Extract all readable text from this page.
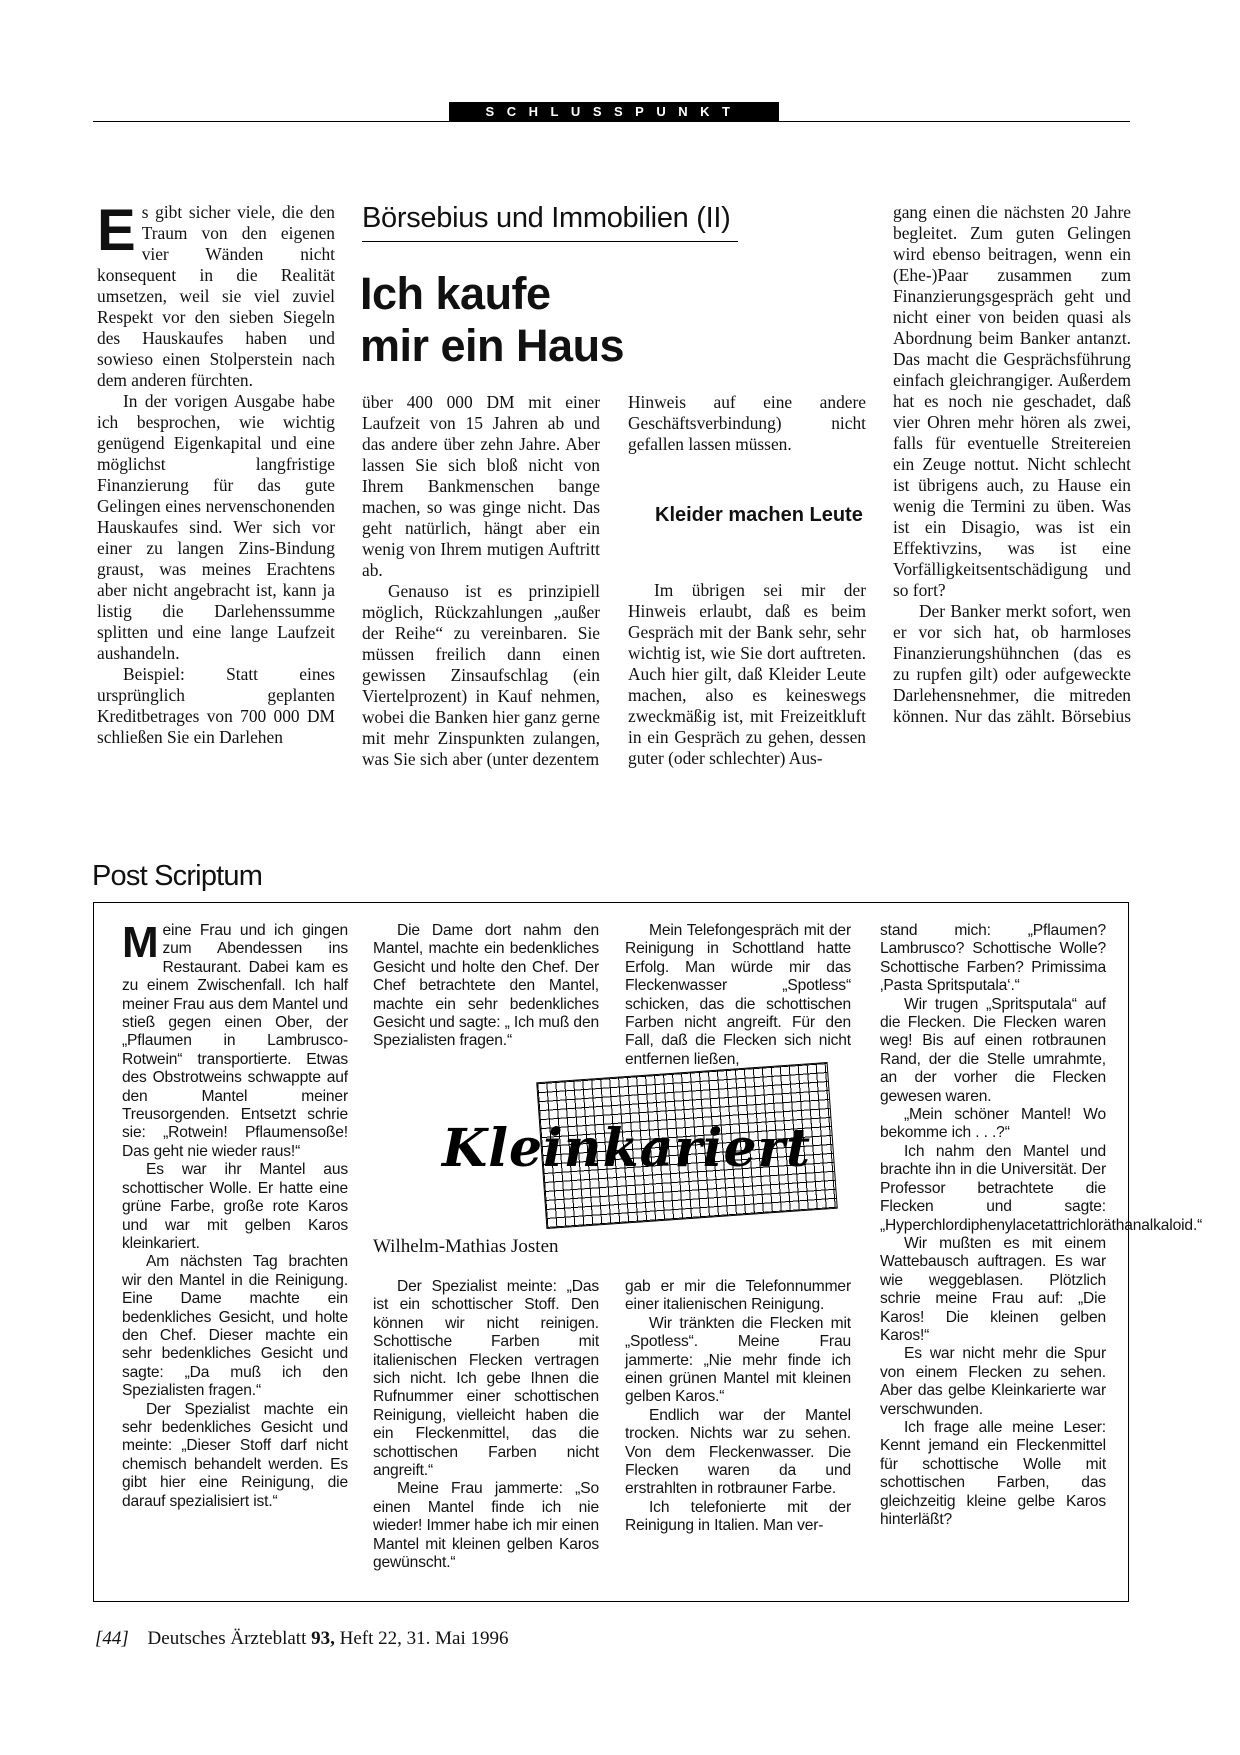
SCHLUSSPUNKT

Es gibt sicher viele, die den Traum von den eigenen vier Wänden nicht konsequent in die Realität umsetzen, weil sie viel zuviel Respekt vor den sieben Siegeln des Hauskaufes haben und sowieso einen Stolperstein nach dem anderen fürchten.

In der vorigen Ausgabe habe ich besprochen, wie wichtig genügend Eigenkapital und eine möglichst langfristige Finanzierung für das gute Gelingen eines nervenschonenden Hauskaufes sind. Wer sich vor einer zu langen Zins-Bindung graust, was meines Erachtens aber nicht angebracht ist, kann ja listig die Darlehenssumme splitten und eine lange Laufzeit aushandeln.

Beispiel: Statt eines ursprünglich geplanten Kreditbetrages von 700 000 DM schließen Sie ein Darlehen

Börsebius und Immobilien (II)
Ich kaufe
mir ein Haus

über 400 000 DM mit einer Laufzeit von 15 Jahren ab und das andere über zehn Jahre. Aber lassen Sie sich bloß nicht von Ihrem Bankmenschen bange machen, so was ginge nicht. Das geht natürlich, hängt aber ein wenig von Ihrem mutigen Auftritt ab.

Genauso ist es prinzipiell möglich, Rückzahlungen „außer der Reihe“ zu vereinbaren. Sie müssen freilich dann einen gewissen Zinsaufschlag (ein Viertelprozent) in Kauf nehmen, wobei die Banken hier ganz gerne mit mehr Zinspunkten zulangen, was Sie sich aber (unter dezentem

Hinweis auf eine andere Geschäftsverbindung) nicht gefallen lassen müssen.

Kleider machen Leute

Im übrigen sei mir der Hinweis erlaubt, daß es beim Gespräch mit der Bank sehr, sehr wichtig ist, wie Sie dort auftreten. Auch hier gilt, daß Kleider Leute machen, also es keineswegs zweckmäßig ist, mit Freizeitkluft in ein Gespräch zu gehen, dessen guter (oder schlechter) Aus-

gang einen die nächsten 20 Jahre begleitet. Zum guten Gelingen wird ebenso beitragen, wenn ein (Ehe-)Paar zusammen zum Finanzierungsgespräch geht und nicht einer von beiden quasi als Abordnung beim Banker antanzt. Das macht die Gesprächsführung einfach gleichrangiger. Außerdem hat es noch nie geschadet, daß vier Ohren mehr hören als zwei, falls für eventuelle Streitereien ein Zeuge nottut. Nicht schlecht ist übrigens auch, zu Hause ein wenig die Termini zu üben. Was ist ein Disagio, was ist ein Effektivzins, was ist eine Vorfälligkeitsentschädigung und so fort?

Der Banker merkt sofort, wen er vor sich hat, ob harmloses Finanzierungshühnchen (das es zu rupfen gilt) oder aufgeweckte Darlehensnehmer, die mitreden können. Nur das zählt. Börsebius

Post Scriptum

Meine Frau und ich gingen zum Abendessen ins Restaurant. Dabei kam es zu einem Zwischenfall. Ich half meiner Frau aus dem Mantel und stieß gegen einen Ober, der „Pflaumen in Lambrusco-Rotwein“ transportierte. Etwas des Obstrotweins schwappte auf den Mantel meiner Treusorgenden. Entsetzt schrie sie: „Rotwein! Pflaumensoße! Das geht nie wieder raus!“

Es war ihr Mantel aus schottischer Wolle. Er hatte eine grüne Farbe, große rote Karos und war mit gelben Karos kleinkariert.

Am nächsten Tag brachten wir den Mantel in die Reinigung. Eine Dame machte ein bedenkliches Gesicht, und holte den Chef. Dieser machte ein sehr bedenkliches Gesicht und sagte: „Da muß ich den Spezialisten fragen.“

Der Spezialist machte ein sehr bedenkliches Gesicht und meinte: „Dieser Stoff darf nicht chemisch behandelt werden. Es gibt hier eine Reinigung, die darauf spezialisiert ist.“

Die Dame dort nahm den Mantel, machte ein bedenkliches Gesicht und holte den Chef. Der Chef betrachtete den Mantel, machte ein sehr bedenkliches Gesicht und sagte: „ Ich muß den Spezialisten fragen.“

Mein Telefongespräch mit der Reinigung in Schottland hatte Erfolg. Man würde mir das Fleckenwasser „Spotless“ schicken, das die schottischen Farben nicht angreift. Für den Fall, daß die Flecken sich nicht entfernen ließen,

Kleinkariert
Wilhelm-Mathias Josten

Der Spezialist meinte: „Das ist ein schottischer Stoff. Den können wir nicht reinigen. Schottische Farben mit italienischen Flecken vertragen sich nicht. Ich gebe Ihnen die Rufnummer einer schottischen Reinigung, vielleicht haben die ein Fleckenmittel, das die schottischen Farben nicht angreift.“

Meine Frau jammerte: „So einen Mantel finde ich nie wieder! Immer habe ich mir einen Mantel mit kleinen gelben Karos gewünscht.“

gab er mir die Telefonnummer einer italienischen Reinigung.

Wir tränkten die Flecken mit „Spotless“. Meine Frau jammerte: „Nie mehr finde ich einen grünen Mantel mit kleinen gelben Karos.“

Endlich war der Mantel trocken. Nichts war zu sehen. Von dem Fleckenwasser. Die Flecken waren da und erstrahlten in rotbrauner Farbe.

Ich telefonierte mit der Reinigung in Italien. Man ver-

stand mich: „Pflaumen? Lambrusco? Schottische Wolle? Schottische Farben? Primissima ‚Pasta Spritsputala‘.“

Wir trugen „Spritsputala“ auf die Flecken. Die Flecken waren weg! Bis auf einen rotbraunen Rand, der die Stelle umrahmte, an der vorher die Flecken gewesen waren.

„Mein schöner Mantel! Wo bekomme ich . . .?“

Ich nahm den Mantel und brachte ihn in die Universität. Der Professor betrachtete die Flecken und sagte: „Hyperchlordiphenylacetattrichloräthanalkaloid.“

Wir mußten es mit einem Wattebausch auftragen. Es war wie weggeblasen. Plötzlich schrie meine Frau auf: „Die Karos! Die kleinen gelben Karos!“

Es war nicht mehr die Spur von einem Flecken zu sehen. Aber das gelbe Kleinkarierte war verschwunden.

Ich frage alle meine Leser: Kennt jemand ein Fleckenmittel für schottische Wolle mit schottischen Farben, das gleichzeitig kleine gelbe Karos hinterläßt?

[44] Deutsches Ärzteblatt 93, Heft 22, 31. Mai 1996
